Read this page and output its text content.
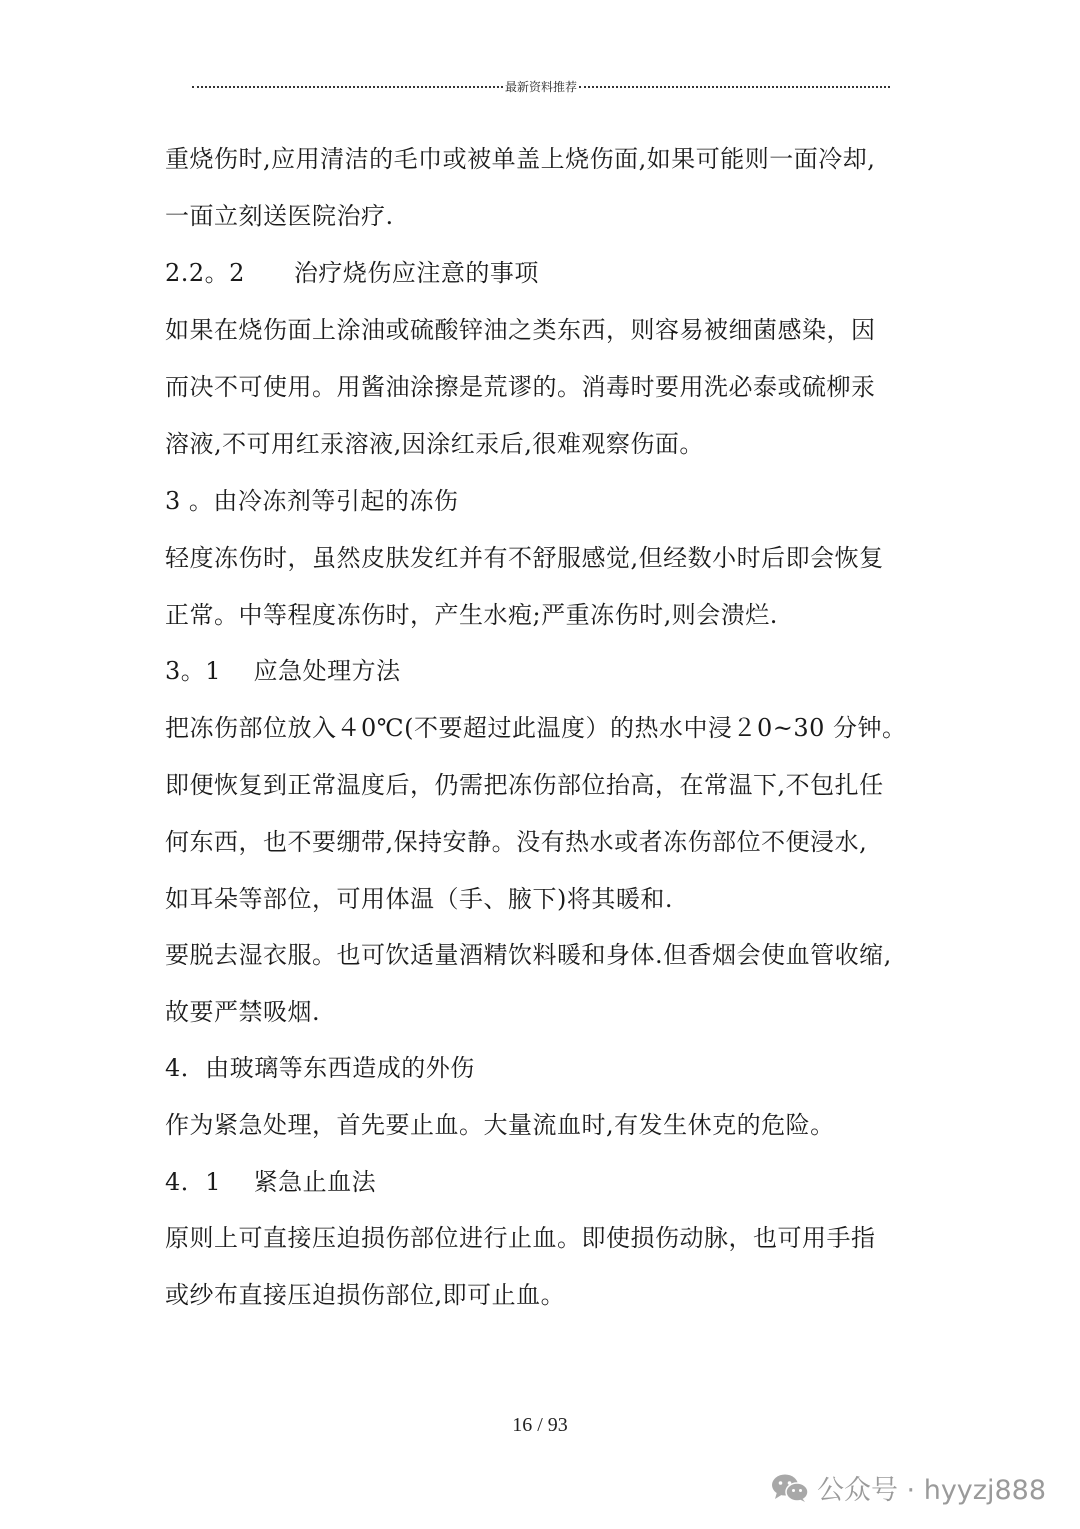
最新资料推荐
重烧伤时,应用清洁的毛巾或被单盖上烧伤面,如果可能则一面冷却,
一面立刻送医院治疗.
2.2。2　　治疗烧伤应注意的事项
如果在烧伤面上涂油或硫酸锌油之类东西，则容易被细菌感染，因
而决不可使用。用酱油涂擦是荒谬的。消毒时要用洗必泰或硫柳汞
溶液,不可用红汞溶液,因涂红汞后,很难观察伤面。
3 。由冷冻剂等引起的冻伤
轻度冻伤时，虽然皮肤发红并有不舒服感觉,但经数小时后即会恢复
正常。中等程度冻伤时，产生水疱;严重冻伤时,则会溃烂.
3。1　 应急处理方法
把冻伤部位放入４0℃(不要超过此温度）的热水中浸２0~30 分钟。
即便恢复到正常温度后，仍需把冻伤部位抬高，在常温下,不包扎任
何东西，也不要绷带,保持安静。没有热水或者冻伤部位不便浸水,
如耳朵等部位，可用体温（手、腋下)将其暖和.
要脱去湿衣服。也可饮适量酒精饮料暖和身体.但香烟会使血管收缩,
故要严禁吸烟.
4．由玻璃等东西造成的外伤
作为紧急处理，首先要止血。大量流血时,有发生休克的危险。
4．1　 紧急止血法
原则上可直接压迫损伤部位进行止血。即使损伤动脉，也可用手指
或纱布直接压迫损伤部位,即可止血。
16 / 93
公众号 · hyyzj888
